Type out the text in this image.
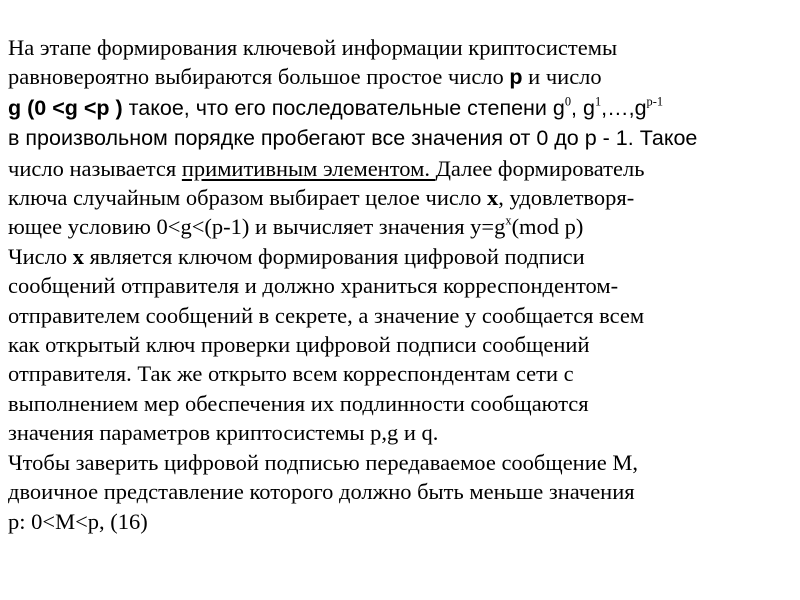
На этапе формирования ключевой информации криптосистемы
равновероятно выбираются большое простое число p и число
g (0 <g <p ) такое, что его последовательные степени $g^0$, $g^1,\dots,g^{p-1}$
в произвольном порядке пробегают все значения от 0 до p - 1. Такое
число называется примитивным элементом. Далее формирователь
ключа случайным образом выбирает целое число x, удовлетворя-
ющее условию 0<g<(p-1) и вычисляет значения $y=g^x(mod$ p)
Число x является ключом формирования цифровой подписи
сообщений отправителя и должно храниться корреспондентом-
отправителем сообщений в секрете, а значение y сообщается всем
как открытый ключ проверки цифровой подписи сообщений
отправителя. Так же открыто всем корреспондентам сети с
выполнением мер обеспечения их подлинности сообщаются
значения параметров криптосистемы p,g и q.
Чтобы заверить цифровой подписью передаваемое сообщение M,
двоичное представление которого должно быть меньше значения
p: 0<M<p, (16)
